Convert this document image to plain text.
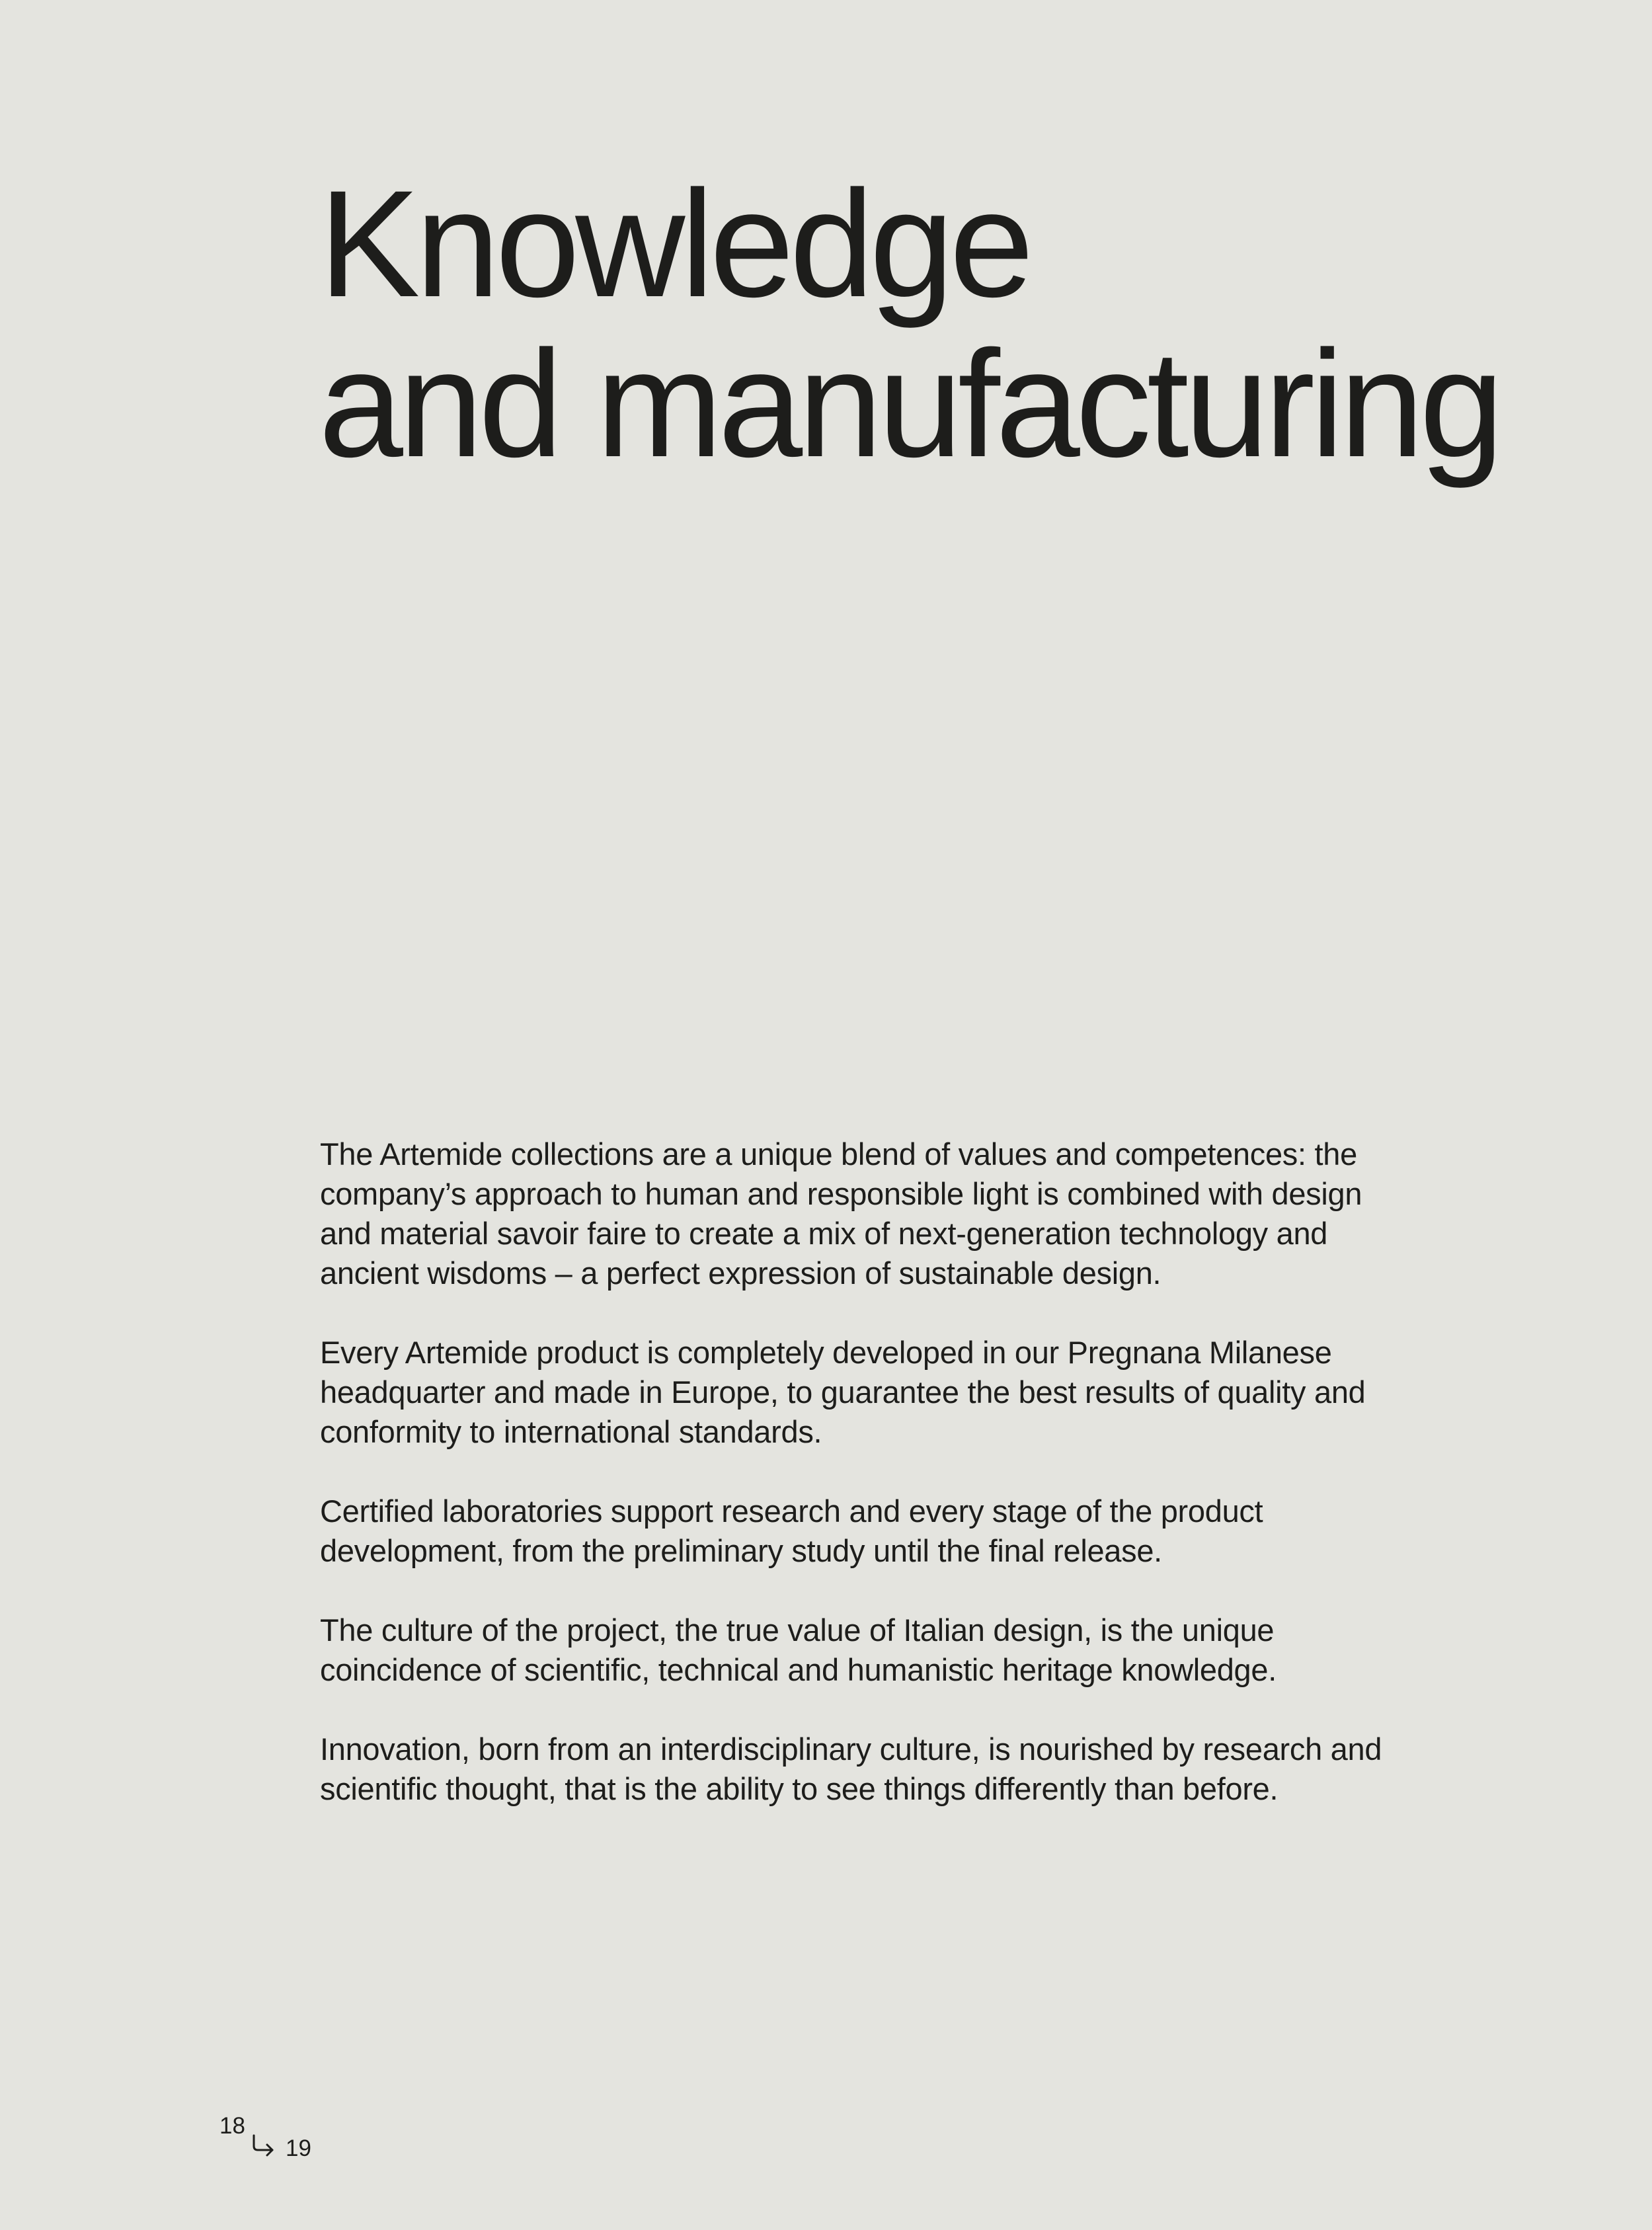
Knowledge
and manufacturing

The Artemide collections are a unique blend of values and competences: the
company’s approach to human and responsible light is combined with design
and material savoir faire to create a mix of next-generation technology and
ancient wisdoms – a perfect expression of sustainable design.

Every Artemide product is completely developed in our Pregnana Milanese
headquarter and made in Europe, to guarantee the best results of quality and
conformity to international standards.

Certified laboratories support research and every stage of the product
development, from the preliminary study until the final release.

The culture of the project, the true value of Italian design, is the unique
coincidence of scientific, technical and humanistic heritage knowledge.

Innovation, born from an interdisciplinary culture, is nourished by research and
scientific thought, that is the ability to see things differently than before.

18
19
